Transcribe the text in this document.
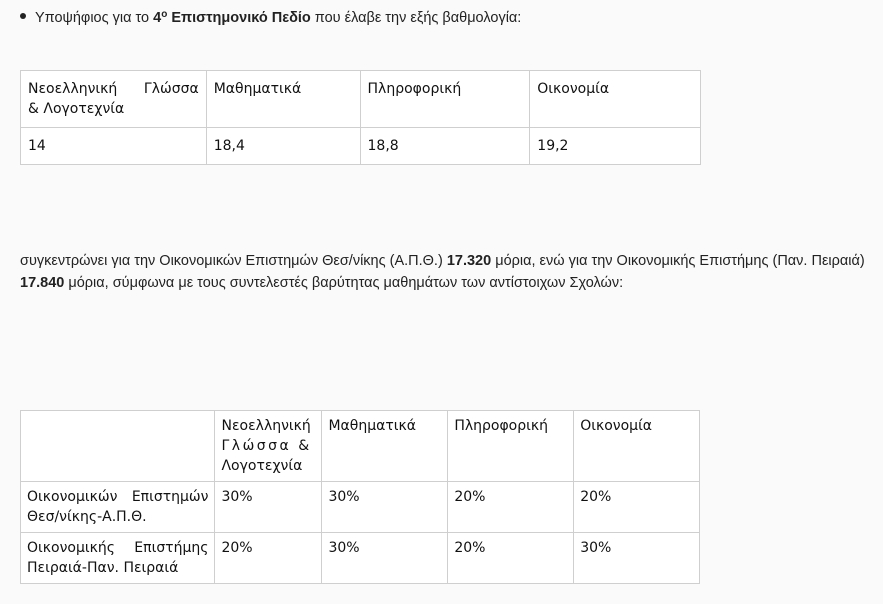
Υποψήφιος για το $4^o$ Επιστημονικό Πεδίο που έλαβε την εξής βαθμολογία:
Νεοελληνική Γλώσσα
& Λογοτεχνία	Μαθηματικά	Πληροφορική	Οικονομία
14	18,4	18,8	19,2
συγκεντρώνει για την Οικονομικών Επιστημών Θεσ/νίκης (Α.Π.Θ.) 17.320 μόρια, ενώ για την Οικονομικής Επιστήμης (Παν. Πειραιά) 17.840 μόρια, σύμφωνα με τους συντελεστές βαρύτητας μαθημάτων των αντίστοιχων Σχολών:

	Νεοελληνική
Γλώσσα &
Λογοτεχνία	Μαθηματικά	Πληροφορική	Οικονομία

Οικονομικών Επιστημών
Θεσ/νίκης-Α.Π.Θ.	30%	30%	20%	20%

Οικονομικής Επιστήμης
Πειραιά-Παν. Πειραιά	20%	30%	20%	30%
